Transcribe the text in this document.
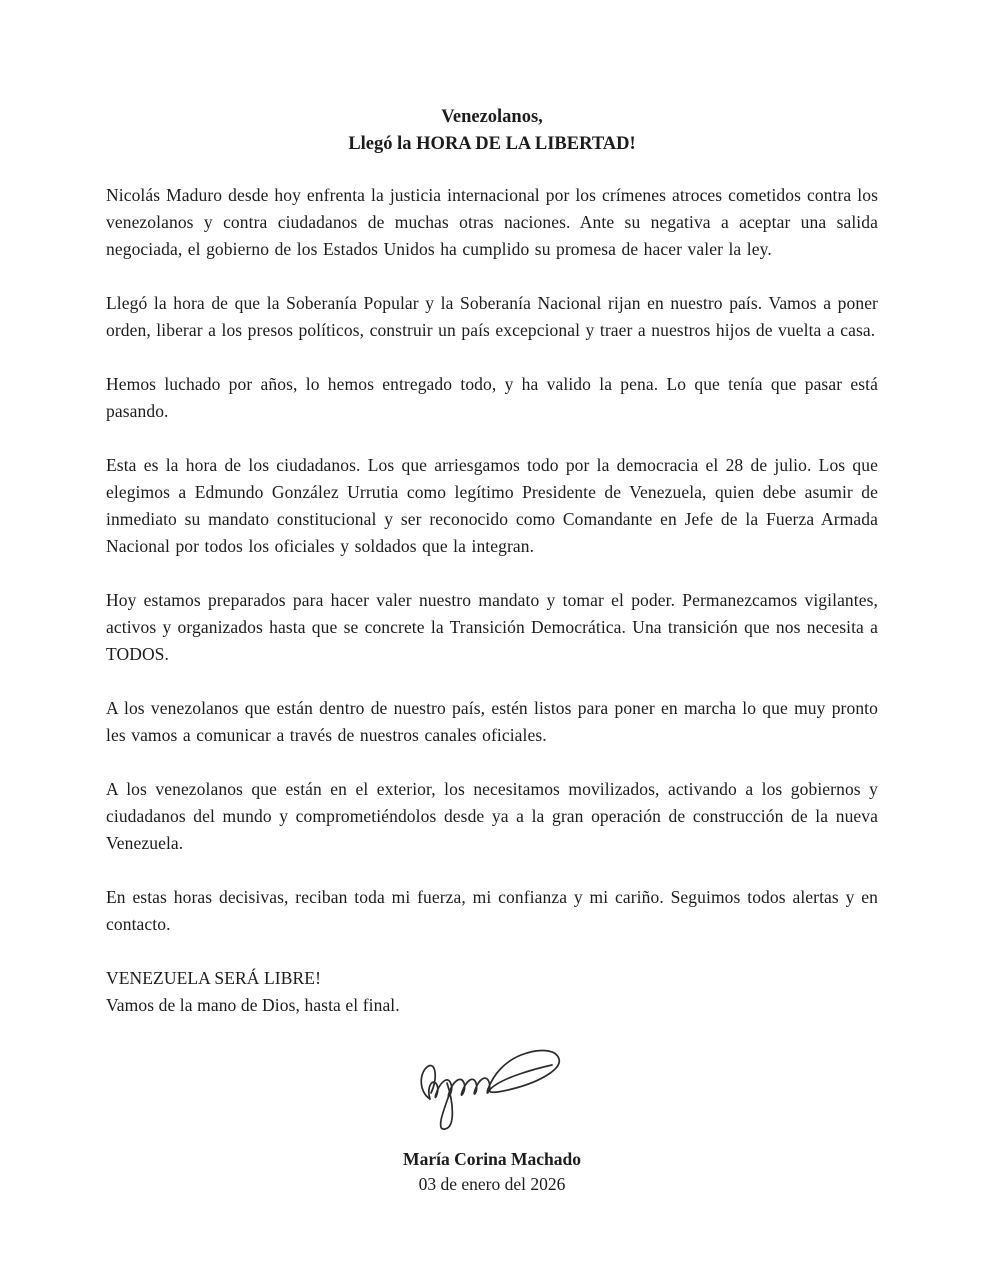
Venezolanos,
Llegó la HORA DE LA LIBERTAD!

Nicolás Maduro desde hoy enfrenta la justicia internacional por los crímenes atroces cometidos contra los venezolanos y contra ciudadanos de muchas otras naciones. Ante su negativa a aceptar una salida negociada, el gobierno de los Estados Unidos ha cumplido su promesa de hacer valer la ley.

Llegó la hora de que la Soberanía Popular y la Soberanía Nacional rijan en nuestro país. Vamos a poner orden, liberar a los presos políticos, construir un país excepcional y traer a nuestros hijos de vuelta a casa.

Hemos luchado por años, lo hemos entregado todo, y ha valido la pena. Lo que tenía que pasar está pasando.

Esta es la hora de los ciudadanos. Los que arriesgamos todo por la democracia el 28 de julio. Los que elegimos a Edmundo González Urrutia como legítimo Presidente de Venezuela, quien debe asumir de inmediato su mandato constitucional y ser reconocido como Comandante en Jefe de la Fuerza Armada Nacional por todos los oficiales y soldados que la integran.

Hoy estamos preparados para hacer valer nuestro mandato y tomar el poder. Permanezcamos vigilantes, activos y organizados hasta que se concrete la Transición Democrática. Una transición que nos necesita a TODOS.

A los venezolanos que están dentro de nuestro país, estén listos para poner en marcha lo que muy pronto les vamos a comunicar a través de nuestros canales oficiales.

A los venezolanos que están en el exterior, los necesitamos movilizados, activando a los gobiernos y ciudadanos del mundo y comprometiéndolos desde ya a la gran operación de construcción de la nueva Venezuela.

En estas horas decisivas, reciban toda mi fuerza, mi confianza y mi cariño. Seguimos todos alertas y en contacto.

VENEZUELA SERÁ LIBRE!
Vamos de la mano de Dios, hasta el final.
María Corina Machado
03 de enero del 2026
